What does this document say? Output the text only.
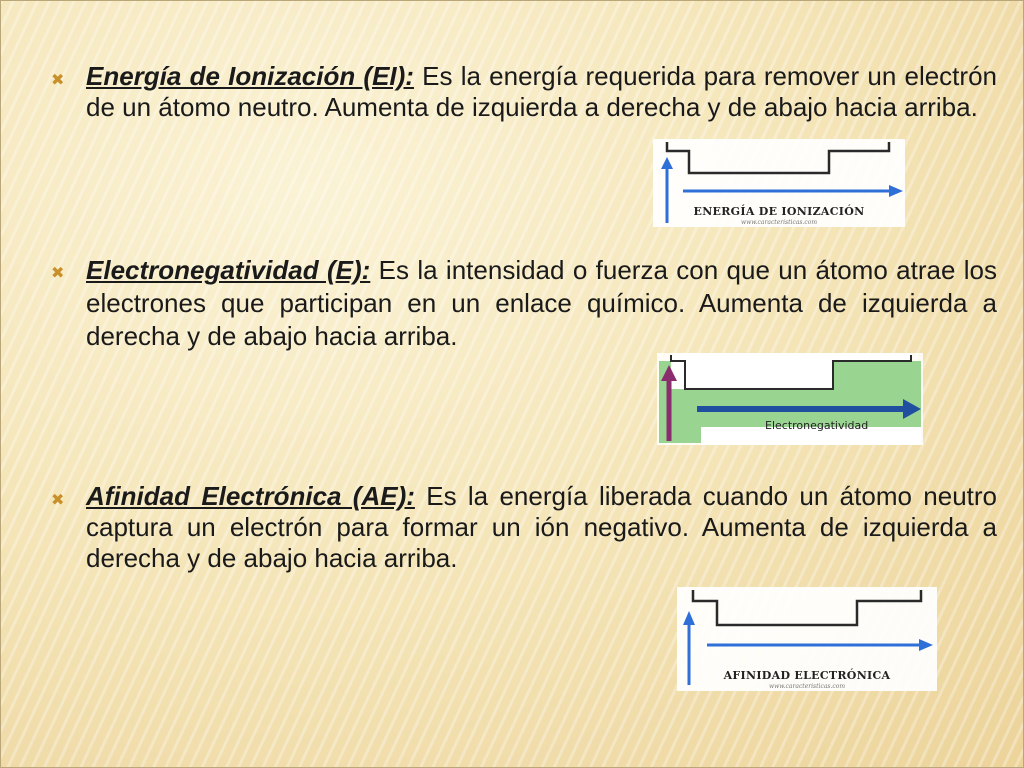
✖ Energía de Ionización (EI): Es la energía requerida para remover un electrón de un átomo neutro. Aumenta de izquierda a derecha y de abajo hacia arriba.
ENERGÍA DE IONIZACIÓN
www.caracteristicas.com
✖ Electronegatividad (E): Es la intensidad o fuerza con que un átomo atrae los electrones que participan en un enlace químico. Aumenta de izquierda a derecha y de abajo hacia arriba.
Electronegatividad
✖ Afinidad Electrónica (AE): Es la energía liberada cuando un átomo neutro captura un electrón para formar un ión negativo. Aumenta de izquierda a derecha y de abajo hacia arriba.
AFINIDAD ELECTRÓNICA
www.caracteristicas.com
